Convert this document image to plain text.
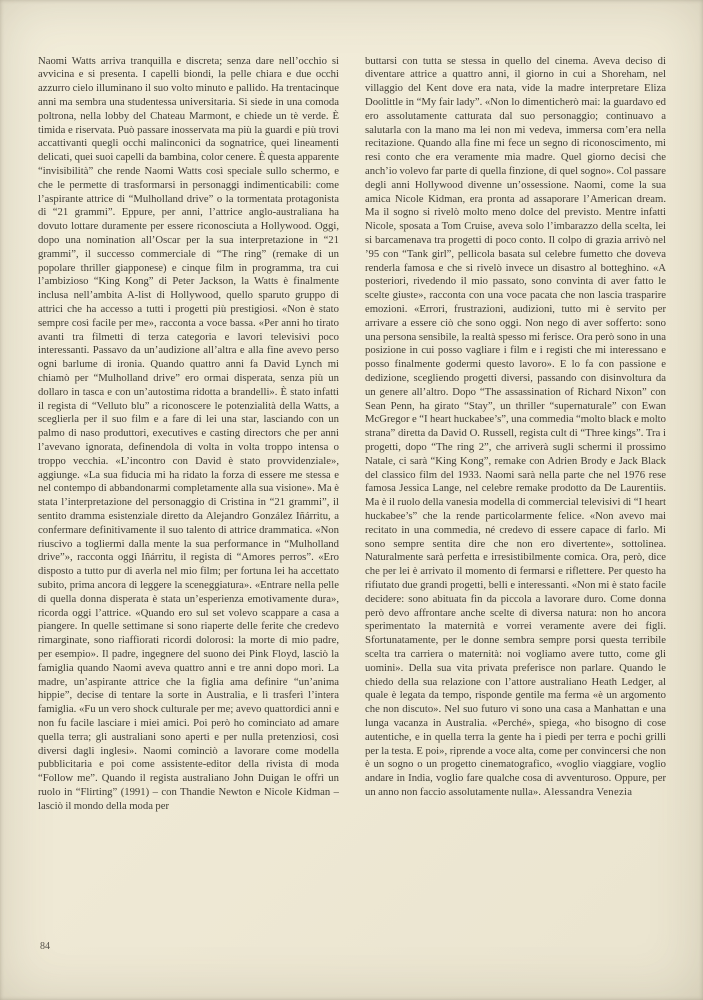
Naomi Watts arriva tranquilla e discreta; senza dare nell’occhio si avvicina e si presenta. I capelli biondi, la pelle chiara e due occhi azzurro cielo illuminano il suo volto minuto e pallido. Ha trentacinque anni ma sembra una studentessa universitaria. Si siede in una comoda poltrona, nella lobby del Chateau Marmont, e chiede un tè verde. È timida e riservata. Può passare inosservata ma più la guardi e più trovi accattivanti quegli occhi malinconici da sognatrice, quei lineamenti delicati, quei suoi capelli da bambina, color cenere. È questa apparente “invisibilità” che rende Naomi Watts così speciale sullo schermo, e che le permette di trasformarsi in personaggi indimenticabili: come l’aspirante attrice di “Mulholland drive” o la tormentata protagonista di “21 grammi”. Eppure, per anni, l’attrice anglo-australiana ha dovuto lottare duramente per essere riconosciuta a Hollywood. Oggi, dopo una nomination all’Oscar per la sua interpretazione in “21 grammi”, il successo commerciale di “The ring” (remake di un popolare thriller giapponese) e cinque film in programma, tra cui l’ambizioso “King Kong” di Peter Jackson, la Watts è finalmente inclusa nell’ambita A-list di Hollywood, quello sparuto gruppo di attrici che ha accesso a tutti i progetti più prestigiosi. «Non è stato sempre così facile per me», racconta a voce bassa. «Per anni ho tirato avanti tra filmetti di terza categoria e lavori televisivi poco interessanti. Passavo da un’audizione all’altra e alla fine avevo perso ogni barlume di ironia. Quando quattro anni fa David Lynch mi chiamò per “Mulholland drive” ero ormai disperata, senza più un dollaro in tasca e con un’autostima ridotta a brandelli». È stato infatti il regista di “Velluto blu” a riconoscere le potenzialità della Watts, a sceglierla per il suo film e a fare di lei una star, lasciando con un palmo di naso produttori, executives e casting directors che per anni l’avevano ignorata, definendola di volta in volta troppo intensa o troppo vecchia. «L’incontro con David è stato provvidenziale», aggiunge. «La sua fiducia mi ha ridato la forza di essere me stessa e nel contempo di abbandonarmi completamente alla sua visione». Ma è stata l’interpretazione del personaggio di Cristina in “21 grammi”, il sentito dramma esistenziale diretto da Alejandro González Iñárritu, a confermare definitivamente il suo talento di attrice drammatica. «Non riuscivo a togliermi dalla mente la sua performance in “Mulholland drive”», racconta oggi Iñárritu, il regista di “Amores perros”. «Ero disposto a tutto pur di averla nel mio film; per fortuna lei ha accettato subito, prima ancora di leggere la sceneggiatura». «Entrare nella pelle di quella donna disperata è stata un’esperienza emotivamente dura», ricorda oggi l’attrice. «Quando ero sul set volevo scappare a casa a piangere. In quelle settimane si sono riaperte delle ferite che credevo rimarginate, sono riaffiorati ricordi dolorosi: la morte di mio padre, per esempio». Il padre, ingegnere del suono dei Pink Floyd, lasciò la famiglia quando Naomi aveva quattro anni e tre anni dopo morì. La madre, un’aspirante attrice che la figlia ama definire “un’anima hippie”, decise di tentare la sorte in Australia, e lì trasferì l’intera famiglia. «Fu un vero shock culturale per me; avevo quattordici anni e non fu facile lasciare i miei amici. Poi però ho cominciato ad amare quella terra; gli australiani sono aperti e per nulla pretenziosi, così diversi dagli inglesi». Naomi cominciò a lavorare come modella pubblicitaria e poi come assistente-editor della rivista di moda “Follow me”. Quando il regista australiano John Duigan le offrì un ruolo in “Flirting” (1991) – con Thandie Newton e Nicole Kidman – lasciò il mondo della moda per

buttarsi con tutta se stessa in quello del cinema. Aveva deciso di diventare attrice a quattro anni, il giorno in cui a Shoreham, nel villaggio del Kent dove era nata, vide la madre interpretare Eliza Doolittle in “My fair lady”. «Non lo dimenticherò mai: la guardavo ed ero assolutamente catturata dal suo personaggio; continuavo a salutarla con la mano ma lei non mi vedeva, immersa com’era nella recitazione. Quando alla fine mi fece un segno di riconoscimento, mi resi conto che era veramente mia madre. Quel giorno decisi che anch’io volevo far parte di quella finzione, di quel sogno». Col passare degli anni Hollywood divenne un’ossessione. Naomi, come la sua amica Nicole Kidman, era pronta ad assaporare l’American dream. Ma il sogno si rivelò molto meno dolce del previsto. Mentre infatti Nicole, sposata a Tom Cruise, aveva solo l’imbarazzo della scelta, lei si barcamenava tra progetti di poco conto. Il colpo di grazia arrivò nel ’95 con “Tank girl”, pellicola basata sul celebre fumetto che doveva renderla famosa e che si rivelò invece un disastro al botteghino. «A posteriori, rivedendo il mio passato, sono convinta di aver fatto le scelte giuste», racconta con una voce pacata che non lascia trasparire emozioni. «Errori, frustrazioni, audizioni, tutto mi è servito per arrivare a essere ciò che sono oggi. Non nego di aver sofferto: sono una persona sensibile, la realtà spesso mi ferisce. Ora però sono in una posizione in cui posso vagliare i film e i registi che mi interessano e posso finalmente godermi questo lavoro». E lo fa con passione e dedizione, scegliendo progetti diversi, passando con disinvoltura da un genere all’altro. Dopo “The assassination of Richard Nixon” con Sean Penn, ha girato “Stay”, un thriller “supernaturale” con Ewan McGregor e “I heart huckabee’s”, una commedia “molto black e molto strana” diretta da David O. Russell, regista cult di “Three kings”. Tra i progetti, dopo “The ring 2”, che arriverà sugli schermi il prossimo Natale, ci sarà “King Kong”, remake con Adrien Brody e Jack Black del classico film del 1933. Naomi sarà nella parte che nel 1976 rese famosa Jessica Lange, nel celebre remake prodotto da De Laurentiis. Ma è il ruolo della vanesia modella di commercial televisivi di “I heart huckabee’s” che la rende particolarmente felice. «Non avevo mai recitato in una commedia, né credevo di essere capace di farlo. Mi sono sempre sentita dire che non ero divertente», sottolinea. Naturalmente sarà perfetta e irresistibilmente comica. Ora, però, dice che per lei è arrivato il momento di fermarsi e riflettere. Per questo ha rifiutato due grandi progetti, belli e interessanti. «Non mi è stato facile decidere: sono abituata fin da piccola a lavorare duro. Come donna però devo affrontare anche scelte di diversa natura: non ho ancora sperimentato la maternità e vorrei veramente avere dei figli. Sfortunatamente, per le donne sembra sempre porsi questa terribile scelta tra carriera o maternità: noi vogliamo avere tutto, come gli uomini». Della sua vita privata preferisce non parlare. Quando le chiedo della sua relazione con l’attore australiano Heath Ledger, al quale è legata da tempo, risponde gentile ma ferma «è un argomento che non discuto». Nel suo futuro vi sono una casa a Manhattan e una lunga vacanza in Australia. «Perché», spiega, «ho bisogno di cose autentiche, e in quella terra la gente ha i piedi per terra e pochi grilli per la testa. E poi», riprende a voce alta, come per convincersi che non è un sogno o un progetto cinematografico, «voglio viaggiare, voglio andare in India, voglio fare qualche cosa di avventuroso. Oppure, per un anno non faccio assolutamente nulla». Alessandra Venezia

84
